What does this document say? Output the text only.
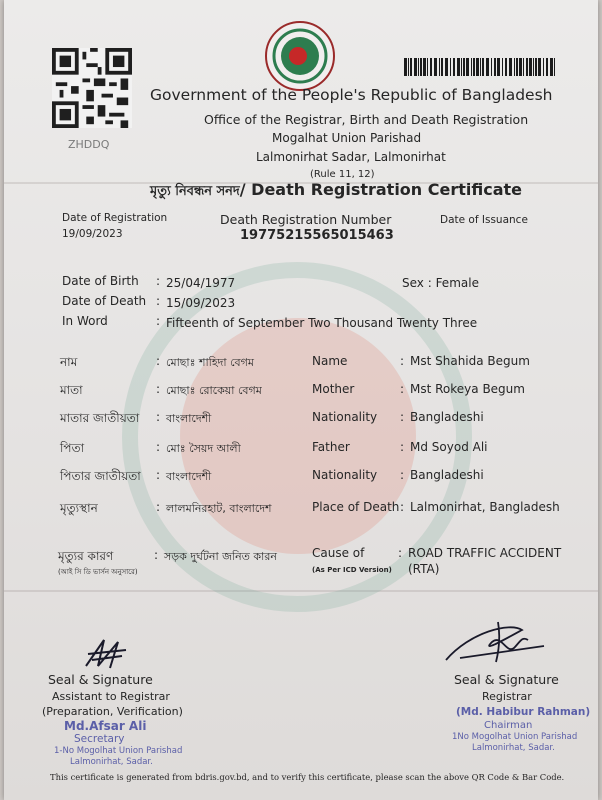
ZHDDQ
Government of the People's Republic of Bangladesh
Office of the Registrar, Birth and Death Registration
Mogalhat Union Parishad
Lalmonirhat Sadar, Lalmonirhat
(Rule 11, 12)
মৃত্যু নিবন্ধন সনদ/ Death Registration Certificate
Date of Registration
19/09/2023
Death Registration Number
19775215565015463
Date of Issuance
Date of Birth : 25/04/1977	Sex : Female
Date of Death : 15/09/2023
In Word	: Fifteenth of September Two Thousand Twenty Three
নাম	: মোছাঃ শাহিদা বেগম	Name	: Mst Shahida Begum
মাতা	: মোছাঃ রোকেয়া বেগম	Mother	: Mst Rokeya Begum
মাতার জাতীয়তা : বাংলাদেশী	Nationality : Bangladeshi
পিতা	: মোঃ সৈয়দ আলী	Father	: Md Soyod Ali
পিতার জাতীয়তা : বাংলাদেশী	Nationality : Bangladeshi
মৃত্যুস্থান	: লালমনিরহাট, বাংলাদেশ	Place of Death : Lalmonirhat, Bangladesh
মৃত্যুর কারণ
(আই সি ডি ভার্সন অনুসারে)
: সড়ক দুর্ঘটনা জনিত কারন	Cause of
(As Per ICD Version)
: ROAD TRAFFIC ACCIDENT
(RTA)
Seal & Signature
Assistant to Registrar
(Preparation, Verification)
Md.Afsar Ali
Secretary
1-No Mogolhat Union Parishad
Lalmonirhat, Sadar.
Seal & Signature
Registrar
(Md. Habibur Rahman)
Chairman
1No Mogolhat Union Parishad
Lalmonirhat, Sadar.
This certificate is generated from bdris.gov.bd, and to verify this certificate, please scan the above QR Code & Bar Code.
